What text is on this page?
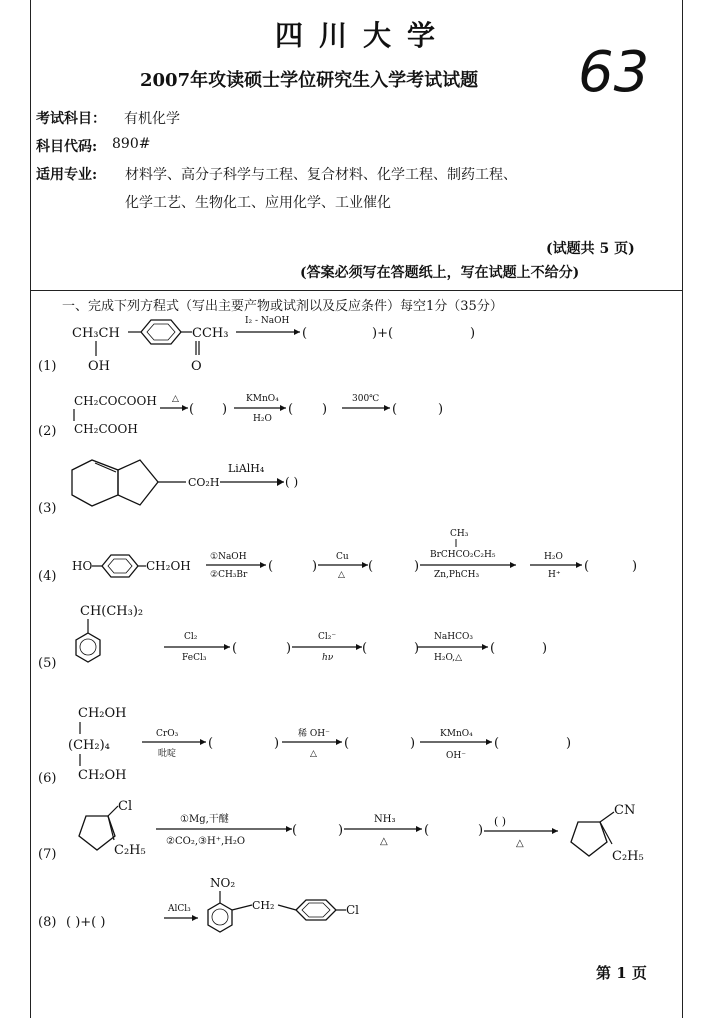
四川大学
2007年攻读硕士学位研究生入学考试试题 63
考试科目： 有机化学
科目代码: 890#
适用专业: 材料学、高分子科学与工程、复合材料、化学工程、制药工程、
化学工艺、生物化工、应用化学、工业催化
(试题共 5 页)
(答案必须写在答题纸上，写在试题上不给分)
一、完成下列方程式（写出主要产物或试剂以及反应条件）每空1分（35分）
(1)
CH₃CH
OH
CCH₃
O
I₂ - NaOH
(	)+(	)
(2)
CH₂COCOOH
CH₂COOH
△
( )
KMnO₄
H₂O
( )
300℃
(	)
(3)
CO₂H
LiAlH₄
( )
(4)
HO	CH₂OH
①NaOH
②CH₃Br
(	)
Cu
△
(	)
CH₃
BrCHCO₂C₂H₅
Zn,PhCH₃
H₂O
H⁺
(	)
(5)
CH(CH₃)₂
Cl₂
FeCl₃
(	)
Cl₂⁻
hν
(	)
NaHCO₃
H₂O,△
(	)
(6)
CH₂OH
(CH₂)₄
CH₂OH
CrO₃
吡啶
(	)
稀 OH⁻
△
(	)
KMnO₄
OH⁻
(	)
(7)
Cl
C₂H₅
①Mg,干醚
②CO₂,③H⁺,H₂O
(	)
NH₃
△
(	)
( )
△
CN
C₂H₅
(8) ( )+( )
AlCl₃
NO₂
CH₂	Cl
第 1 页
